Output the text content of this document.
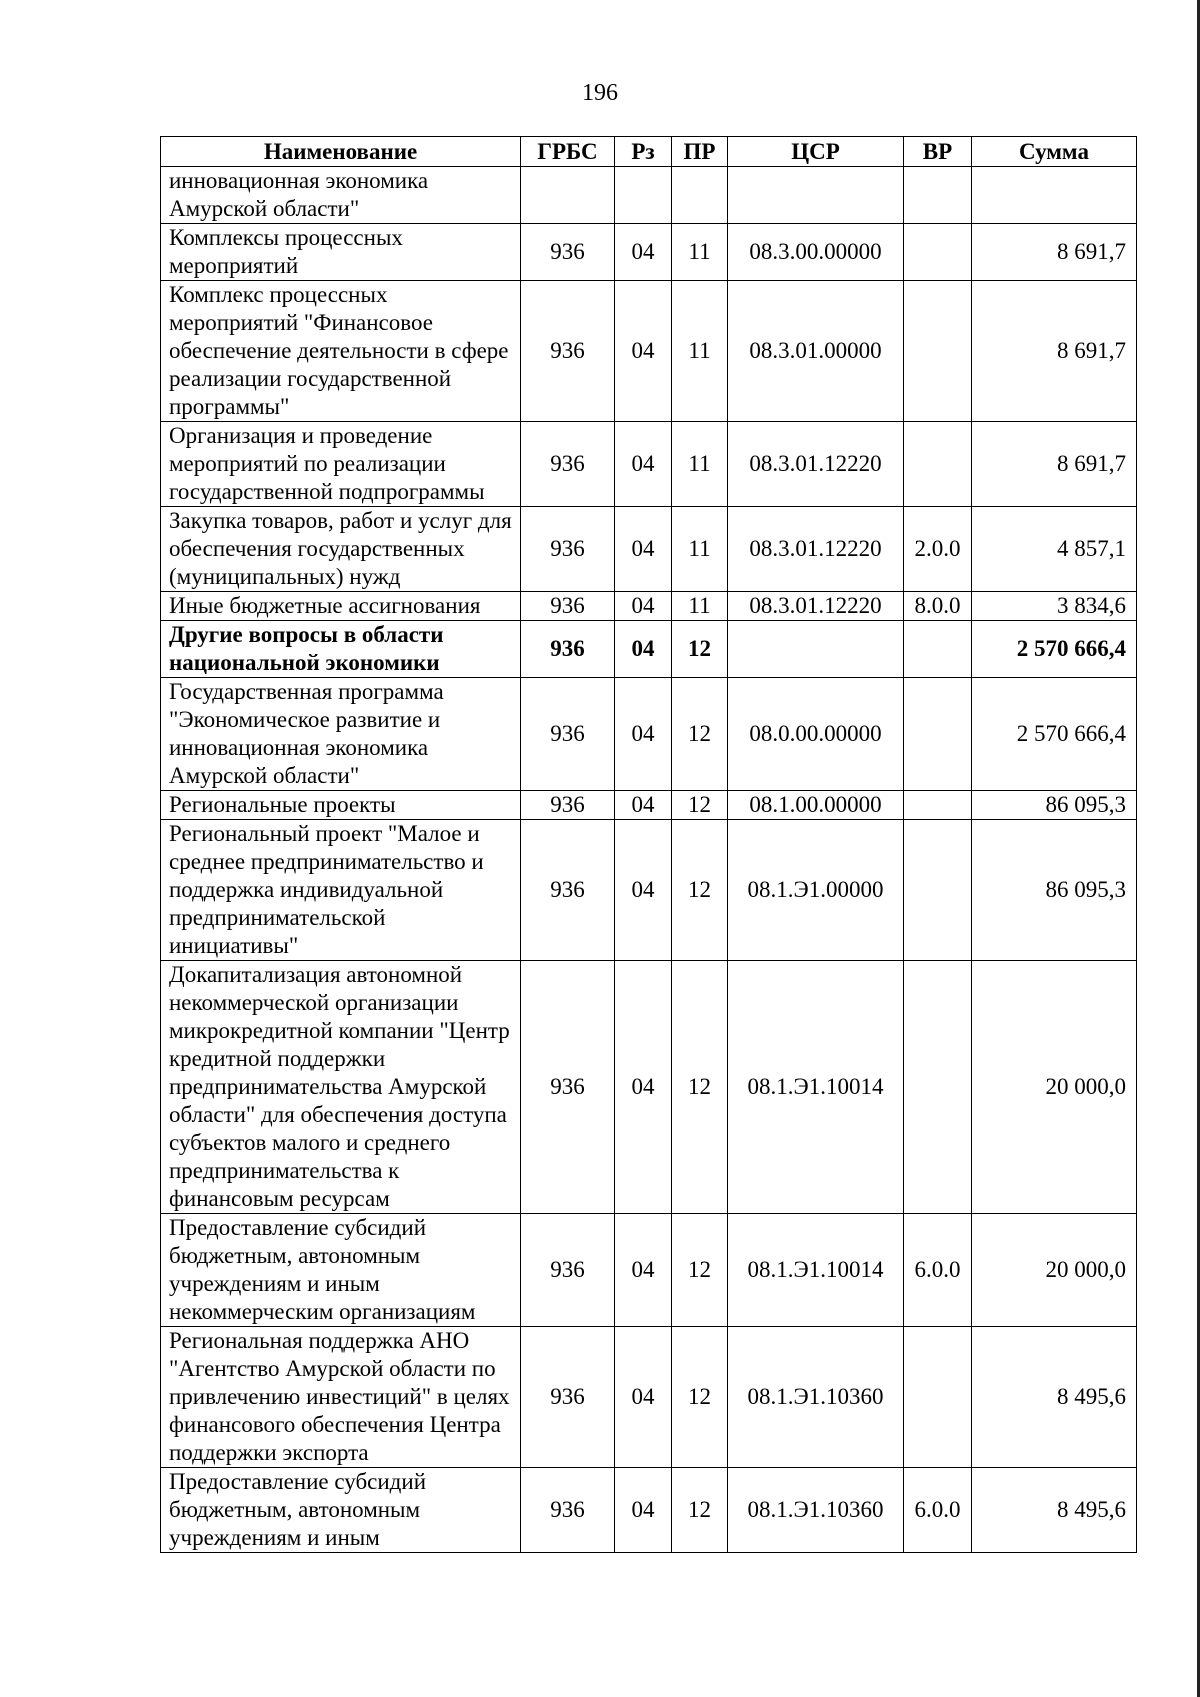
196
Наименование	ГРБС	Рз	ПР	ЦСР	ВР	Сумма
инновационная экономика Амурской области"						
Комплексы процессных мероприятий	936	04	11	08.3.00.00000		8 691,7
Комплекс процессных мероприятий "Финансовое обеспечение деятельности в сфере реализации государственной программы"	936	04	11	08.3.01.00000		8 691,7
Организация и проведение мероприятий по реализации государственной подпрограммы	936	04	11	08.3.01.12220		8 691,7
Закупка товаров, работ и услуг для обеспечения государственных (муниципальных) нужд	936	04	11	08.3.01.12220	2.0.0	4 857,1
Иные бюджетные ассигнования	936	04	11	08.3.01.12220	8.0.0	3 834,6
Другие вопросы в области национальной экономики	936	04	12			2 570 666,4
Государственная программа "Экономическое развитие и инновационная экономика Амурской области"	936	04	12	08.0.00.00000		2 570 666,4
Региональные проекты	936	04	12	08.1.00.00000		86 095,3
Региональный проект "Малое и среднее предпринимательство и поддержка индивидуальной предпринимательской инициативы"	936	04	12	08.1.Э1.00000		86 095,3
Докапитализация автономной некоммерческой организации микрокредитной компании "Центр кредитной поддержки предпринимательства Амурской области" для обеспечения доступа субъектов малого и среднего предпринимательства к финансовым ресурсам	936	04	12	08.1.Э1.10014		20 000,0
Предоставление субсидий бюджетным, автономным учреждениям и иным некоммерческим организациям	936	04	12	08.1.Э1.10014	6.0.0	20 000,0
Региональная поддержка АНО "Агентство Амурской области по привлечению инвестиций" в целях финансового обеспечения Центра поддержки экспорта	936	04	12	08.1.Э1.10360		8 495,6
Предоставление субсидий бюджетным, автономным учреждениям и иным	936	04	12	08.1.Э1.10360	6.0.0	8 495,6
